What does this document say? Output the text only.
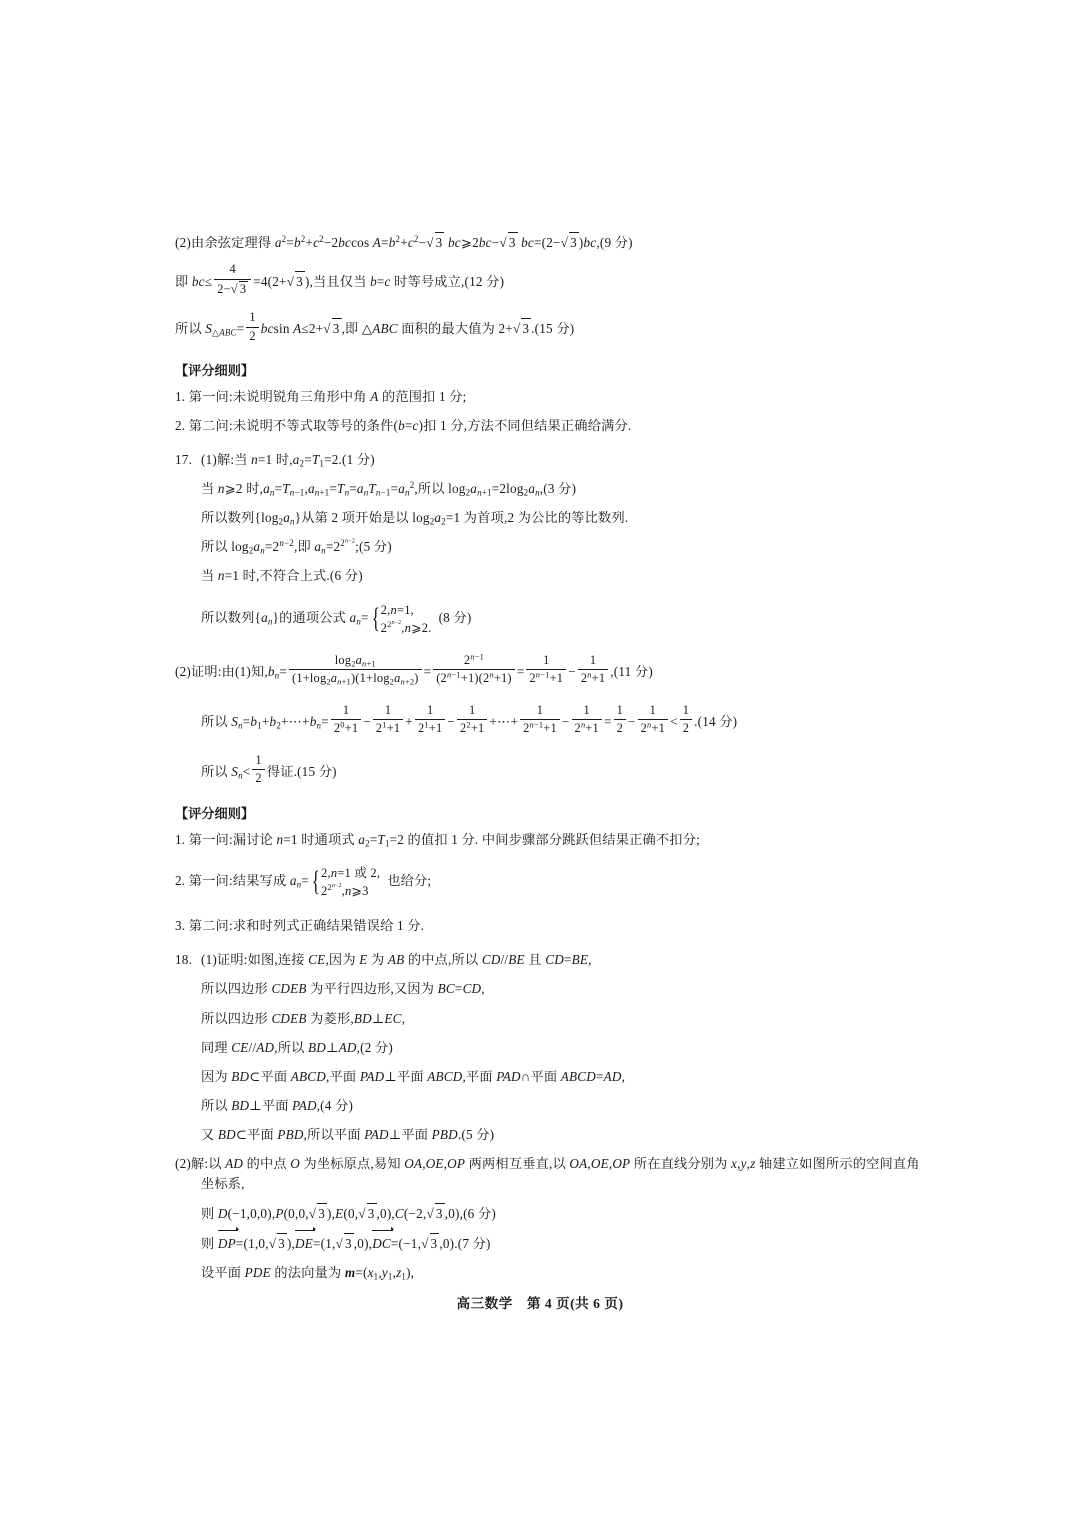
(2)由余弦定理得 $a^2=b^2+c^2-2bccos$ $A=b^2+c^2-√$ 3 bc⩾2bc−√ 3 bc=(2−√ 3 )bc,(9 分)

即 $bc\le \frac{4}{2-√ 3} =4(2+√$ 3 ),当且仅当 b=c 时等号成立,(12 分)

所以 $S_{\triangle ABC}= \frac{1}{2}$ bcsin A≤2+√ 3 ,即 △ABC 面积的最大值为 2+√ 3 .(15 分)

【评分细则】

1. 第一问:未说明锐角三角形中角 A 的范围扣 1 分;

2. 第二问:未说明不等式取等号的条件(b=c)扣 1 分,方法不同但结果正确给满分.

17. (1)解:当 n=1 时$,a_2=T_1=2.(1$ 分)

当 n⩾2 时$,a_n=T_{n-1},a_{n+1}=T_n=a_nT_{n-1}=a_n^2$,所以 $\log_2a_{n+1}=2\log_2a_n,(3$ 分)

所以数列$\{\log_2a_n\}$从第 2 项开始是以 $\log_2a_2=1$ 为首项,2 为公比的等比数列.

所以 $\log_2a_n=2^{n-2}$,即 $a_n=2^{2^{n-2}};(5$ 分)

当 n=1 时,不符合上式.(6 分)

所以数列$\{a_n\}$的通项公式 $a_n=$ { 2,n=1,
$2^{2^{n-2}},n⩾2$.
(8 分)

(2)证明:由(1)知$,b_n= \frac{\log_2a_{n+1}}{(1+\log_2a_{n+1})(1+\log_2a_{n+2})} = \frac{2^{n-1}}{(2^{n-1}+1)(2^n+1)} = \frac{1}{2^{n-1}+1} - \frac{1}{2^n+1} ,(11$ 分)

所以 $S_n=b_1+b_2+\cdots+b_n= \frac{1}{2^0+1} - \frac{1}{2^1+1} + \frac{1}{2^1+1} - \frac{1}{2^2+1}$ +⋯+ $\frac{1}{2^{n-1}+1} - \frac{1}{2^n+1} = \frac{1}{2} - \frac{1}{2^n+1} < \frac{1}{2} .(14$ 分)

所以 $S_n< \frac{1}{2}$ 得证.(15 分)

【评分细则】

1. 第一问:漏讨论 n=1 时通项式 $a_2=T_1=2$ 的值扣 1 分. 中间步骤部分跳跃但结果正确不扣分;

2. 第一问:结果写成 $a_n=$ { 2,n=1 或 2,
$2^{2^{n-2}},n⩾3$
也给分;

3. 第二问:求和时列式正确结果错误给 1 分.

18. (1)证明:如图,连接 CE,因为 E 为 AB 的中点,所以 CD//BE 且 CD=BE,

所以四边形 CDEB 为平行四边形,又因为 BC=CD,

所以四边形 CDEB 为菱形,BD⊥EC,

同理 CE//AD,所以 BD⊥AD,(2 分)

因为 BD⊂平面 ABCD,平面 PAD⊥平面 ABCD,平面 PAD∩平面 ABCD=AD,

所以 BD⊥平面 PAD,(4 分)

又 BD⊂平面 PBD,所以平面 PAD⊥平面 PBD.(5 分)

(2)解:以 AD 的中点 O 为坐标原点,易知 OA,OE,OP 两两相互垂直,以 OA,OE,OP 所在直线分别为 x,y,z 轴建立如图所示的空间直角坐标系,

则 D(−1,0,0),P(0,0,√ 3 ),E(0,√ 3 ,0),C(−2,√ 3 ,0),(6 分)

则 DP=(1,0,√ 3 ),DE=(1,√ 3 ,0),DC=(−1,√ 3 ,0).(7 分)

设平面 PDE 的法向量为 $m=(x_1,y_1,z_1)$,

高三数学 第 4 页(共 6 页)
